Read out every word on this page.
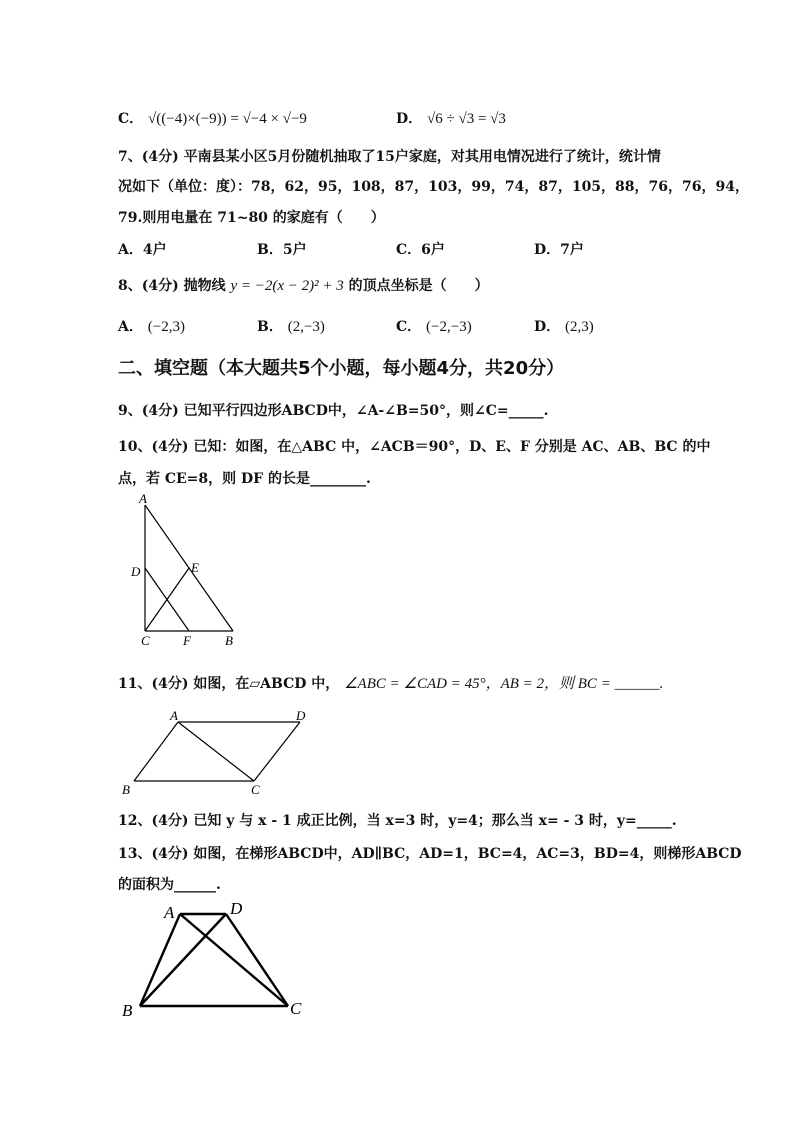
C． √((−4)×(−9)) = √−4 × √−9	D． √6 ÷ √3 = √3
7、(4分) 平南县某小区5月份随机抽取了15户家庭，对其用电情况进行了统计，统计情
况如下（单位：度）：78，62，95，108，87，103，99，74，87，105，88，76，76，94，
79.则用电量在 71~80 的家庭有（　　）
A．4户	B．5户	C．6户	D．7户
8、(4分) 抛物线 y = −2(x − 2)² + 3 的顶点坐标是（　　）
A． (−2,3)	B． (2,−3)	C． (−2,−3)	D． (2,3)
二、填空题（本大题共5个小题，每小题4分，共20分）
9、(4分) 已知平行四边形ABCD中，∠A-∠B=50°，则∠C=_____.
10、(4分) 已知：如图，在△ABC 中，∠ACB＝90°，D、E、F 分别是 AC、AB、BC 的中
点，若 CE=8，则 DF 的长是________.
A
D	E
C	F	B
11、(4分) 如图，在▱ABCD 中， ∠ABC = ∠CAD = 45°，AB = 2，则 BC = ______.
A	D
B	C
12、(4分) 已知 y 与 x - 1 成正比例，当 x=3 时，y=4；那么当 x= - 3 时，y=_____.
13、(4分) 如图，在梯形ABCD中，AD∥BC，AD=1，BC=4，AC=3，BD=4，则梯形ABCD
的面积为______.
A	D
B	C
